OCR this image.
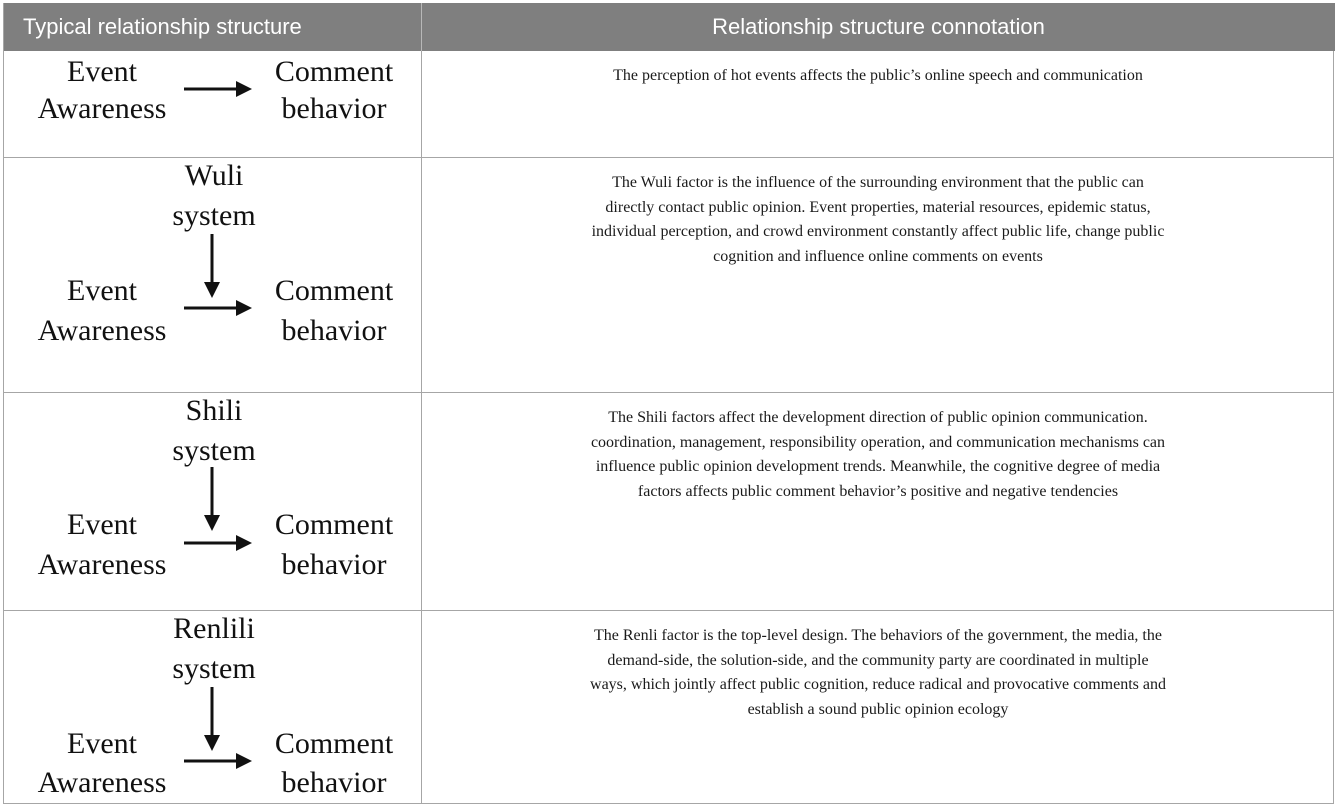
Typical relationship structure	Relationship structure connotation
Event
Awareness
Comment
behavior
The perception of hot events affects the public’s online speech and communication
Wuli
system
Event
Awareness
Comment
behavior
The Wuli factor is the influence of the surrounding environment that the public can
directly contact public opinion. Event properties, material resources, epidemic status,
individual perception, and crowd environment constantly affect public life, change public
cognition and influence online comments on events
Shili
system
Event
Awareness
Comment
behavior
The Shili factors affect the development direction of public opinion communication.
coordination, management, responsibility operation, and communication mechanisms can
influence public opinion development trends. Meanwhile, the cognitive degree of media
factors affects public comment behavior’s positive and negative tendencies
Renlili
system
Event
Awareness
Comment
behavior
The Renli factor is the top-level design. The behaviors of the government, the media, the
demand-side, the solution-side, and the community party are coordinated in multiple
ways, which jointly affect public cognition, reduce radical and provocative comments and
establish a sound public opinion ecology
